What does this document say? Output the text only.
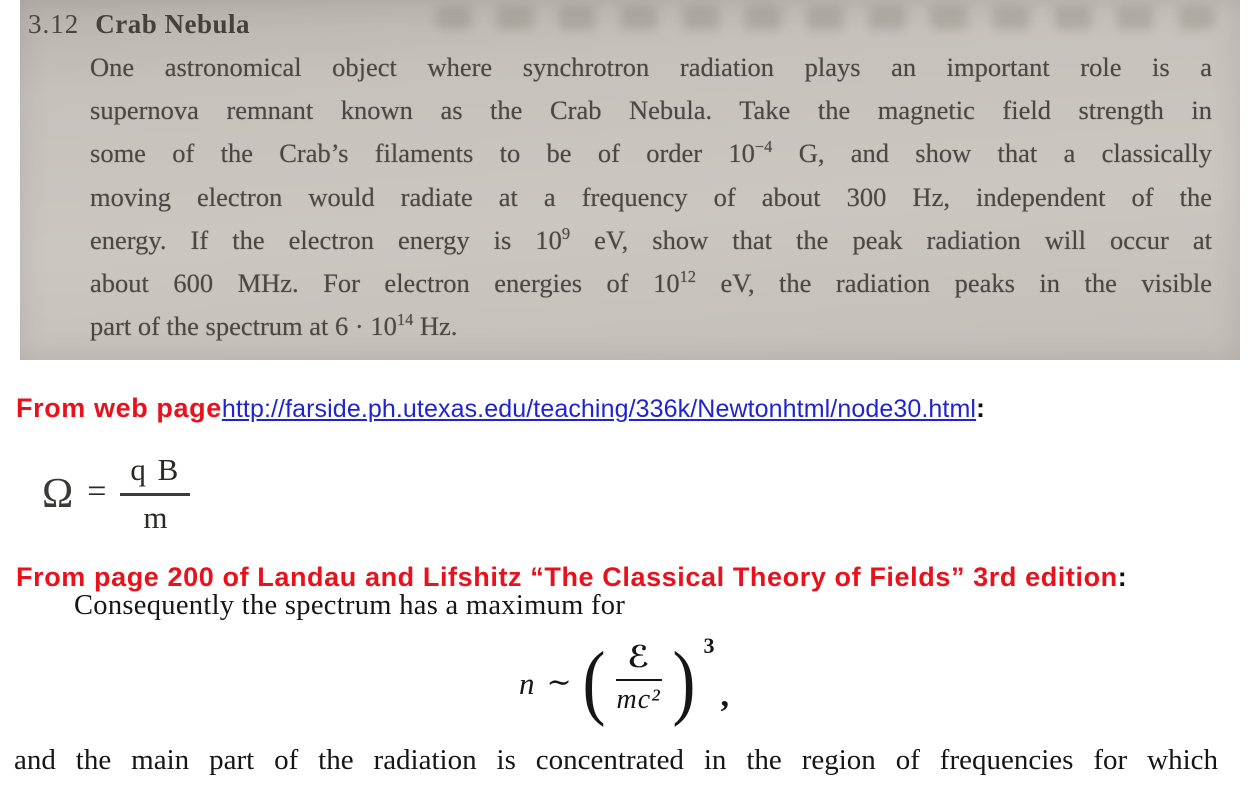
3.12 Crab Nebula
One astronomical object where synchrotron radiation plays an important role is a
supernova remnant known as the Crab Nebula. Take the magnetic field strength in
some of the Crab’s filaments to be of order $10^{-4}$ G, and show that a classically
moving electron would radiate at a frequency of about 300 Hz, independent of the
energy. If the electron energy is $10^9$ eV, show that the peak radiation will occur at
about 600 MHz. For electron energies of $10^{12}$ eV, the radiation peaks in the visible
part of the spectrum at $6 \cdot 10^{14}$ Hz.
From web pagehttp://farside.ph.utexas.edu/teaching/336k/Newtonhtml/node30.html:
$\Omega = \frac{\text{q B}}{m}$
From page 200 of Landau and Lifshitz “The Classical Theory of Fields” 3rd edition:
Consequently the spectrum has a maximum for
n ∼ ( $\frac{\text{ℰ}}{\text{mc²}}$ ) 3
,
and the main part of the radiation is concentrated in the region of frequencies for which
